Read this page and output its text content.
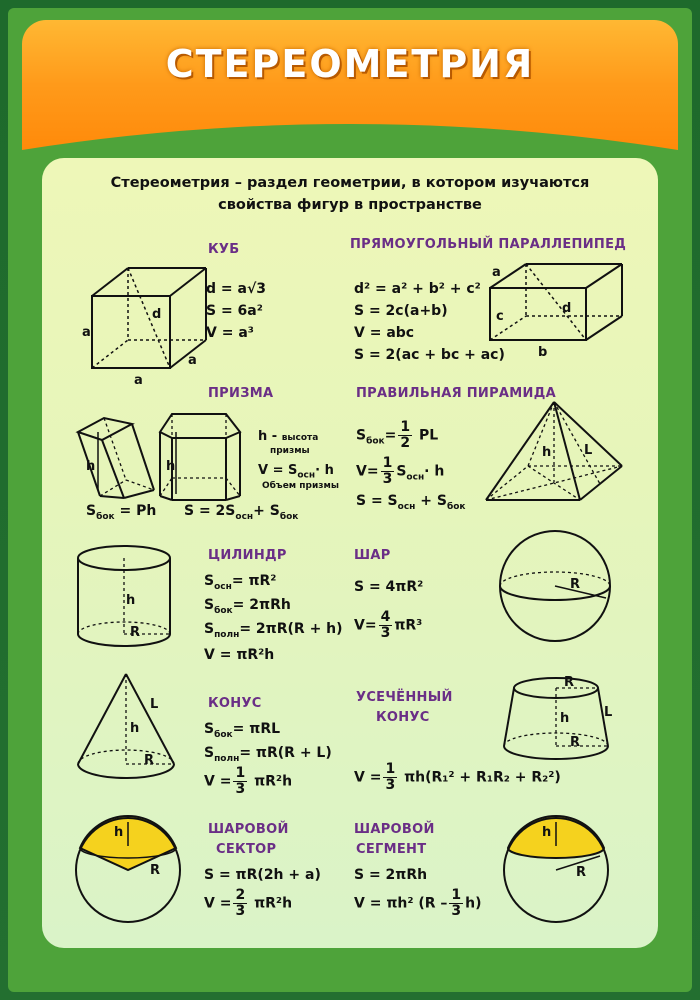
СТЕРЕОМЕТРИЯ
Стереометрия – раздел геометрии, в котором изучаются
свойства фигур в пространстве
КУБ
d = a√3
S = 6a²
V = a³
d
a
a
a
ПРЯМОУГОЛЬНЫЙ ПАРАЛЛЕПИПЕД
d² = a² + b² + c²
S = 2c(a+b)
V = abc
S = 2(ac + bc + ac)
a
c
d
b
ПРИЗМА
h	h
h - высота
призмы
$V = S_{осн}\cdot h$
Объем призмы
$S_{бок} = Ph$ $S = 2S_{осн}+ S_{бок}$
ПРАВИЛЬНАЯ ПИРАМИДА
$S_{бок}= \frac{1}{2}$ PL
$V= \frac{1}{3} S_{осн}\cdot h$
$S = S_{осн} + S_{бок}$
h	L
ЦИЛИНДР
$S_{осн}= \pi R^2$
$S_{бок}= 2\pi Rh$
$S_{полн}= 2\pi R(R + h)$
V = πR²h
h
R
ШАР
S = 4πR²
$V= \frac{4}{3} \pi R^3$
R
КОНУС
$S_{бок}= \pi RL$
$S_{полн}= \pi R(R + L)$
$V = \frac{1}{3} \pi R^2h$
L
h
R
УСЕЧЁННЫЙ
КОНУС
$V = \frac{1}{3} \pi h(R_1^2 + R_1R_2 + R_2^2)$
R
h
R
L
ШАРОВОЙ
СЕКТОР
S = πR(2h + a)
$V = \frac{2}{3} \pi R^2h$
h
R
ШАРОВОЙ
СЕГМЕНТ
S = 2πRh
V = πh² $(R - \frac{1}{3} h)$
h
R
